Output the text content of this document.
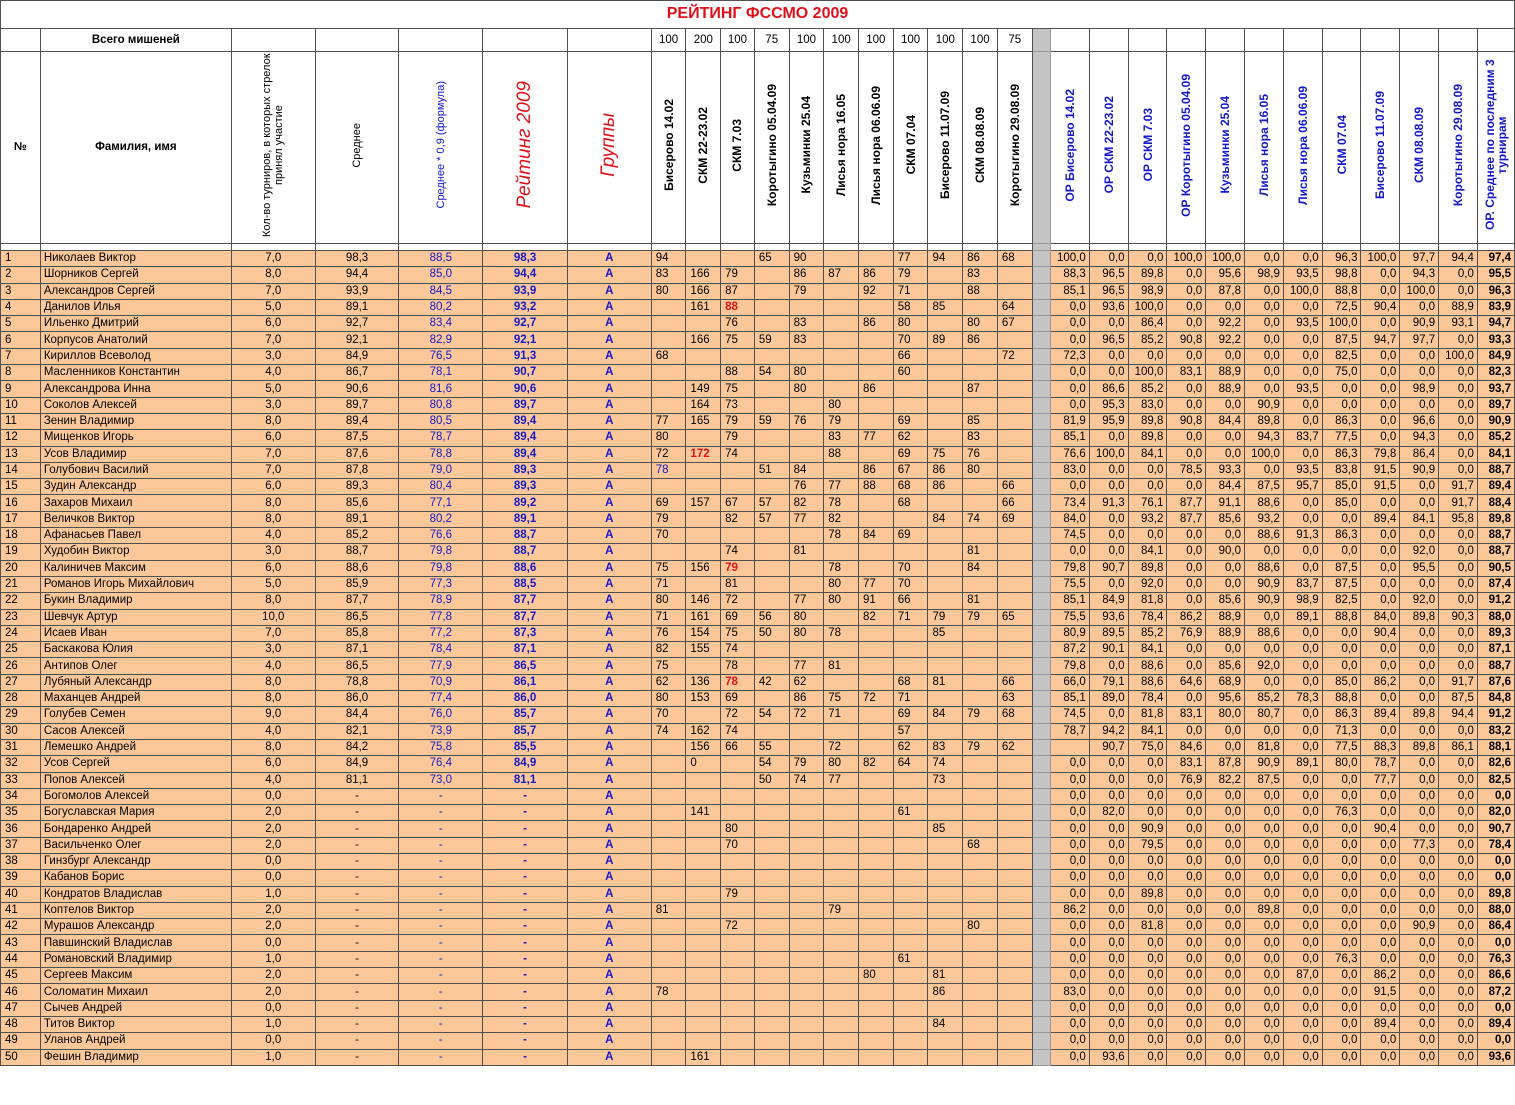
РЕЙТИНГ ФССМО 2009																														
	Всего мишеней						100	200	100	75	100	100	100	100	100	100	75													
№	Фамилия, имя	Кол-во турниров, в которых стрелок принял участие	Среднее	Среднее * 0,9 (формула)	Рейтинг 2009	Группы	Бисерово 14.02	СКМ 22-23.02	СКМ 7.03	Коротыгино 05.04.09	Кузьминки 25.04	Лисья нора 16.05	Лисья нора 06.06.09	СКМ 07.04	Бисерово 11.07.09	СКМ 08.08.09	Коротыгино 29.08.09		ОР Бисерово 14.02	ОР СКМ 22-23.02	ОР СКМ 7.03	ОР Коротыгино 05.04.09	Кузьминки 25.04	Лисья нора 16.05	Лисья нора 06.06.09	СКМ 07.04	Бисерово 11.07.09	СКМ 08.08.09	Коротыгино 29.08.09	ОР. Среднее по последним 3 турнирам

1	Николаев Виктор	7,0	98,3	88,5	98,3	A	94			65	90			77	94	86	68		100,0	0,0	0,0	100,0	100,0	0,0	0,0	96,3	100,0	97,7	94,4	97,4
2	Шорников Сергей	8,0	94,4	85,0	94,4	A	83	166	79		86	87	86	79		83			88,3	96,5	89,8	0,0	95,6	98,9	93,5	98,8	0,0	94,3	0,0	95,5
3	Александров Сергей	7,0	93,9	84,5	93,9	A	80	166	87		79		92	71		88			85,1	96,5	98,9	0,0	87,8	0,0	100,0	88,8	0,0	100,0	0,0	96,3
4	Данилов Илья	5,0	89,1	80,2	93,2	A		161	88					58	85		64		0,0	93,6	100,0	0,0	0,0	0,0	0,0	72,5	90,4	0,0	88,9	83,9
5	Ильенко Дмитрий	6,0	92,7	83,4	92,7	A			76		83		86	80		80	67		0,0	0,0	86,4	0,0	92,2	0,0	93,5	100,0	0,0	90,9	93,1	94,7
6	Корпусов Анатолий	7,0	92,1	82,9	92,1	A		166	75	59	83			70	89	86			0,0	96,5	85,2	90,8	92,2	0,0	0,0	87,5	94,7	97,7	0,0	93,3
7	Кириллов Всеволод	3,0	84,9	76,5	91,3	A	68							66			72		72,3	0,0	0,0	0,0	0,0	0,0	0,0	82,5	0,0	0,0	100,0	84,9
8	Масленников Константин	4,0	86,7	78,1	90,7	A			88	54	80			60					0,0	0,0	100,0	83,1	88,9	0,0	0,0	75,0	0,0	0,0	0,0	82,3
9	Александрова Инна	5,0	90,6	81,6	90,6	A		149	75		80		86			87			0,0	86,6	85,2	0,0	88,9	0,0	93,5	0,0	0,0	98,9	0,0	93,7
10	Соколов Алексей	3,0	89,7	80,8	89,7	A		164	73			80							0,0	95,3	83,0	0,0	0,0	90,9	0,0	0,0	0,0	0,0	0,0	89,7
11	Зенин Владимир	8,0	89,4	80,5	89,4	A	77	165	79	59	76	79		69		85			81,9	95,9	89,8	90,8	84,4	89,8	0,0	86,3	0,0	96,6	0,0	90,9
12	Мищенков Игорь	6,0	87,5	78,7	89,4	A	80		79			83	77	62		83			85,1	0,0	89,8	0,0	0,0	94,3	83,7	77,5	0,0	94,3	0,0	85,2
13	Усов Владимир	7,0	87,6	78,8	89,4	A	72	172	74			88		69	75	76			76,6	100,0	84,1	0,0	0,0	100,0	0,0	86,3	79,8	86,4	0,0	84,1
14	Голубович Василий	7,0	87,8	79,0	89,3	A	78			51	84		86	67	86	80			83,0	0,0	0,0	78,5	93,3	0,0	93,5	83,8	91,5	90,9	0,0	88,7
15	Зудин Александр	6,0	89,3	80,4	89,3	A					76	77	88	68	86		66		0,0	0,0	0,0	0,0	84,4	87,5	95,7	85,0	91,5	0,0	91,7	89,4
16	Захаров Михаил	8,0	85,6	77,1	89,2	A	69	157	67	57	82	78		68			66		73,4	91,3	76,1	87,7	91,1	88,6	0,0	85,0	0,0	0,0	91,7	88,4
17	Величков Виктор	8,0	89,1	80,2	89,1	A	79		82	57	77	82			84	74	69		84,0	0,0	93,2	87,7	85,6	93,2	0,0	0,0	89,4	84,1	95,8	89,8
18	Афанасьев Павел	4,0	85,2	76,6	88,7	A	70					78	84	69					74,5	0,0	0,0	0,0	0,0	88,6	91,3	86,3	0,0	0,0	0,0	88,7
19	Худобин Виктор	3,0	88,7	79,8	88,7	A			74		81					81			0,0	0,0	84,1	0,0	90,0	0,0	0,0	0,0	0,0	92,0	0,0	88,7
20	Калиничев Максим	6,0	88,6	79,8	88,6	A	75	156	79			78		70		84			79,8	90,7	89,8	0,0	0,0	88,6	0,0	87,5	0,0	95,5	0,0	90,5
21	Романов Игорь Михайлович	5,0	85,9	77,3	88,5	A	71		81			80	77	70					75,5	0,0	92,0	0,0	0,0	90,9	83,7	87,5	0,0	0,0	0,0	87,4
22	Букин Владимир	8,0	87,7	78,9	87,7	A	80	146	72		77	80	91	66		81			85,1	84,9	81,8	0,0	85,6	90,9	98,9	82,5	0,0	92,0	0,0	91,2
23	Шевчук Артур	10,0	86,5	77,8	87,7	A	71	161	69	56	80		82	71	79	79	65		75,5	93,6	78,4	86,2	88,9	0,0	89,1	88,8	84,0	89,8	90,3	88,0
24	Исаев Иван	7,0	85,8	77,2	87,3	A	76	154	75	50	80	78			85				80,9	89,5	85,2	76,9	88,9	88,6	0,0	0,0	90,4	0,0	0,0	89,3
25	Баскакова Юлия	3,0	87,1	78,4	87,1	A	82	155	74										87,2	90,1	84,1	0,0	0,0	0,0	0,0	0,0	0,0	0,0	0,0	87,1
26	Антипов Олег	4,0	86,5	77,9	86,5	A	75		78		77	81							79,8	0,0	88,6	0,0	85,6	92,0	0,0	0,0	0,0	0,0	0,0	88,7
27	Лубяный Александр	8,0	78,8	70,9	86,1	A	62	136	78	42	62			68	81		66		66,0	79,1	88,6	64,6	68,9	0,0	0,0	85,0	86,2	0,0	91,7	87,6
28	Маханцев Андрей	8,0	86,0	77,4	86,0	A	80	153	69		86	75	72	71			63		85,1	89,0	78,4	0,0	95,6	85,2	78,3	88,8	0,0	0,0	87,5	84,8
29	Голубев Семен	9,0	84,4	76,0	85,7	A	70		72	54	72	71		69	84	79	68		74,5	0,0	81,8	83,1	80,0	80,7	0,0	86,3	89,4	89,8	94,4	91,2
30	Сасов Алексей	4,0	82,1	73,9	85,7	A	74	162	74					57					78,7	94,2	84,1	0,0	0,0	0,0	0,0	71,3	0,0	0,0	0,0	83,2
31	Лемешко Андрей	8,0	84,2	75,8	85,5	A		156	66	55		72		62	83	79	62			90,7	75,0	84,6	0,0	81,8	0,0	77,5	88,3	89,8	86,1	88,1
32	Усов Сергей	6,0	84,9	76,4	84,9	A		0		54	79	80	82	64	74				0,0	0,0	0,0	83,1	87,8	90,9	89,1	80,0	78,7	0,0	0,0	82,6
33	Попов Алексей	4,0	81,1	73,0	81,1	A				50	74	77			73				0,0	0,0	0,0	76,9	82,2	87,5	0,0	0,0	77,7	0,0	0,0	82,5
34	Богомолов Алексей	0,0	-	-	-	A													0,0	0,0	0,0	0,0	0,0	0,0	0,0	0,0	0,0	0,0	0,0	0,0
35	Богуславская Мария	2,0	-	-	-	A		141						61					0,0	82,0	0,0	0,0	0,0	0,0	0,0	76,3	0,0	0,0	0,0	82,0
36	Бондаренко Андрей	2,0	-	-	-	A			80						85				0,0	0,0	90,9	0,0	0,0	0,0	0,0	0,0	90,4	0,0	0,0	90,7
37	Васильченко Олег	2,0	-	-	-	A			70							68			0,0	0,0	79,5	0,0	0,0	0,0	0,0	0,0	0,0	77,3	0,0	78,4
38	Гинзбург Александр	0,0	-	-	-	A													0,0	0,0	0,0	0,0	0,0	0,0	0,0	0,0	0,0	0,0	0,0	0,0
39	Кабанов Борис	0,0	-	-	-	A													0,0	0,0	0,0	0,0	0,0	0,0	0,0	0,0	0,0	0,0	0,0	0,0
40	Кондратов Владислав	1,0	-	-	-	A			79										0,0	0,0	89,8	0,0	0,0	0,0	0,0	0,0	0,0	0,0	0,0	89,8
41	Коптелов Виктор	2,0	-	-	-	A	81					79							86,2	0,0	0,0	0,0	0,0	89,8	0,0	0,0	0,0	0,0	0,0	88,0
42	Мурашов Александр	2,0	-	-	-	A			72							80			0,0	0,0	81,8	0,0	0,0	0,0	0,0	0,0	0,0	90,9	0,0	86,4
43	Павшинский Владислав	0,0	-	-	-	A													0,0	0,0	0,0	0,0	0,0	0,0	0,0	0,0	0,0	0,0	0,0	0,0
44	Романовский Владимир	1,0	-	-	-	A								61					0,0	0,0	0,0	0,0	0,0	0,0	0,0	76,3	0,0	0,0	0,0	76,3
45	Сергеев Максим	2,0	-	-	-	A							80		81				0,0	0,0	0,0	0,0	0,0	0,0	87,0	0,0	86,2	0,0	0,0	86,6
46	Соломатин Михаил	2,0	-	-	-	A	78								86				83,0	0,0	0,0	0,0	0,0	0,0	0,0	0,0	91,5	0,0	0,0	87,2
47	Сычев Андрей	0,0	-	-	-	A													0,0	0,0	0,0	0,0	0,0	0,0	0,0	0,0	0,0	0,0	0,0	0,0
48	Титов Виктор	1,0	-	-	-	A									84				0,0	0,0	0,0	0,0	0,0	0,0	0,0	0,0	89,4	0,0	0,0	89,4
49	Уланов Андрей	0,0	-	-	-	A													0,0	0,0	0,0	0,0	0,0	0,0	0,0	0,0	0,0	0,0	0,0	0,0
50	Фешин Владимир	1,0	-	-	-	A		161											0,0	93,6	0,0	0,0	0,0	0,0	0,0	0,0	0,0	0,0	0,0	93,6
